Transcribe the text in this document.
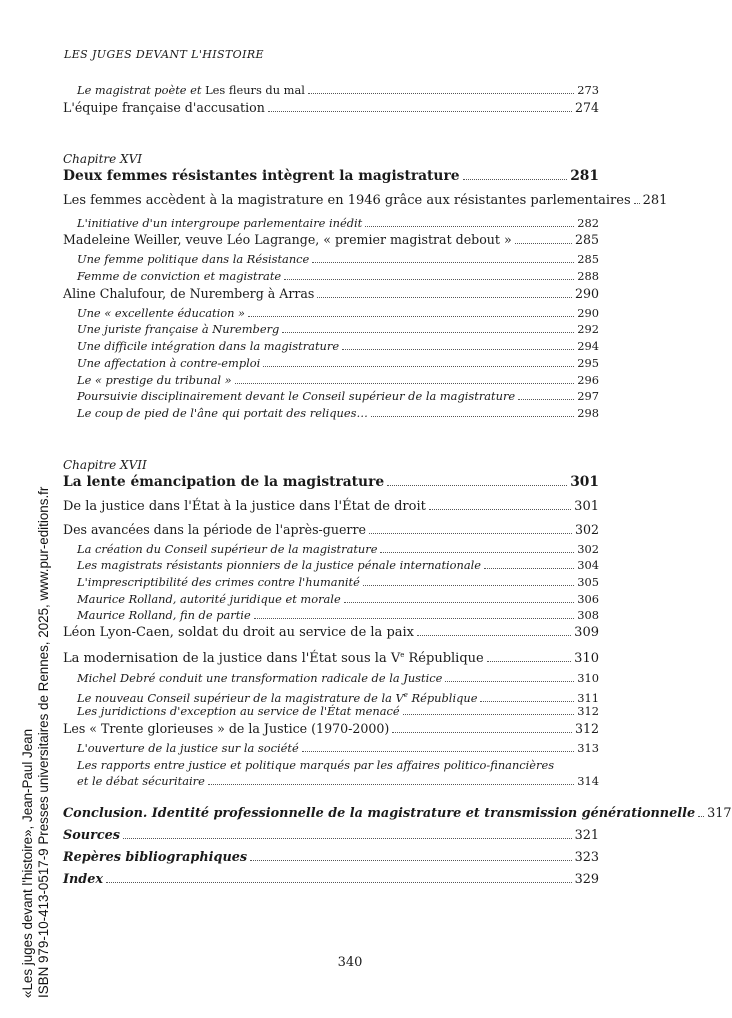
LES JUGES DEVANT L'HISTOIRE
Le magistrat poète et Les fleurs du mal	273
L'équipe française d'accusation	274
Chapitre XVI
Deux femmes résistantes intègrent la magistrature	281
Les femmes accèdent à la magistrature en 1946 grâce aux résistantes parlementaires 281
L'initiative d'un intergroupe parlementaire inédit	282
Madeleine Weiller, veuve Léo Lagrange, « premier magistrat debout »	285
Une femme politique dans la Résistance	285
Femme de conviction et magistrate	288
Aline Chalufour, de Nuremberg à Arras	290
Une « excellente éducation »	290
Une juriste française à Nuremberg	292
Une difficile intégration dans la magistrature	294
Une affectation à contre-emploi	295
Le « prestige du tribunal »	296
Poursuivie disciplinairement devant le Conseil supérieur de la magistrature	297
Le coup de pied de l'âne qui portait des reliques…	298
Chapitre XVII
La lente émancipation de la magistrature	301
De la justice dans l'État à la justice dans l'État de droit	301
Des avancées dans la période de l'après-guerre	302
La création du Conseil supérieur de la magistrature	302
Les magistrats résistants pionniers de la justice pénale internationale	304
L'imprescriptibilité des crimes contre l'humanité	305
Maurice Rolland, autorité juridique et morale	306
Maurice Rolland, fin de partie	308
Léon Lyon-Caen, soldat du droit au service de la paix	309
La modernisation de la justice dans l'État sous la Ve République	310
Michel Debré conduit une transformation radicale de la Justice	310
Le nouveau Conseil supérieur de la magistrature de la Ve République	311
Les juridictions d'exception au service de l'État menacé	312
Les « Trente glorieuses » de la Justice (1970-2000)	312
L'ouverture de la justice sur la société	313
Les rapports entre justice et politique marqués par les affaires politico-financières
et le débat sécuritaire	314
Conclusion. Identité professionnelle de la magistrature et transmission générationnelle 317
Sources	321
Repères bibliographiques	323
Index	329
340
«Les juges devant l'histoire», Jean-Paul Jean ISBN 979-10-413-0517-9 Presses universitaires de Rennes, 2025, www.pur-editions.fr
